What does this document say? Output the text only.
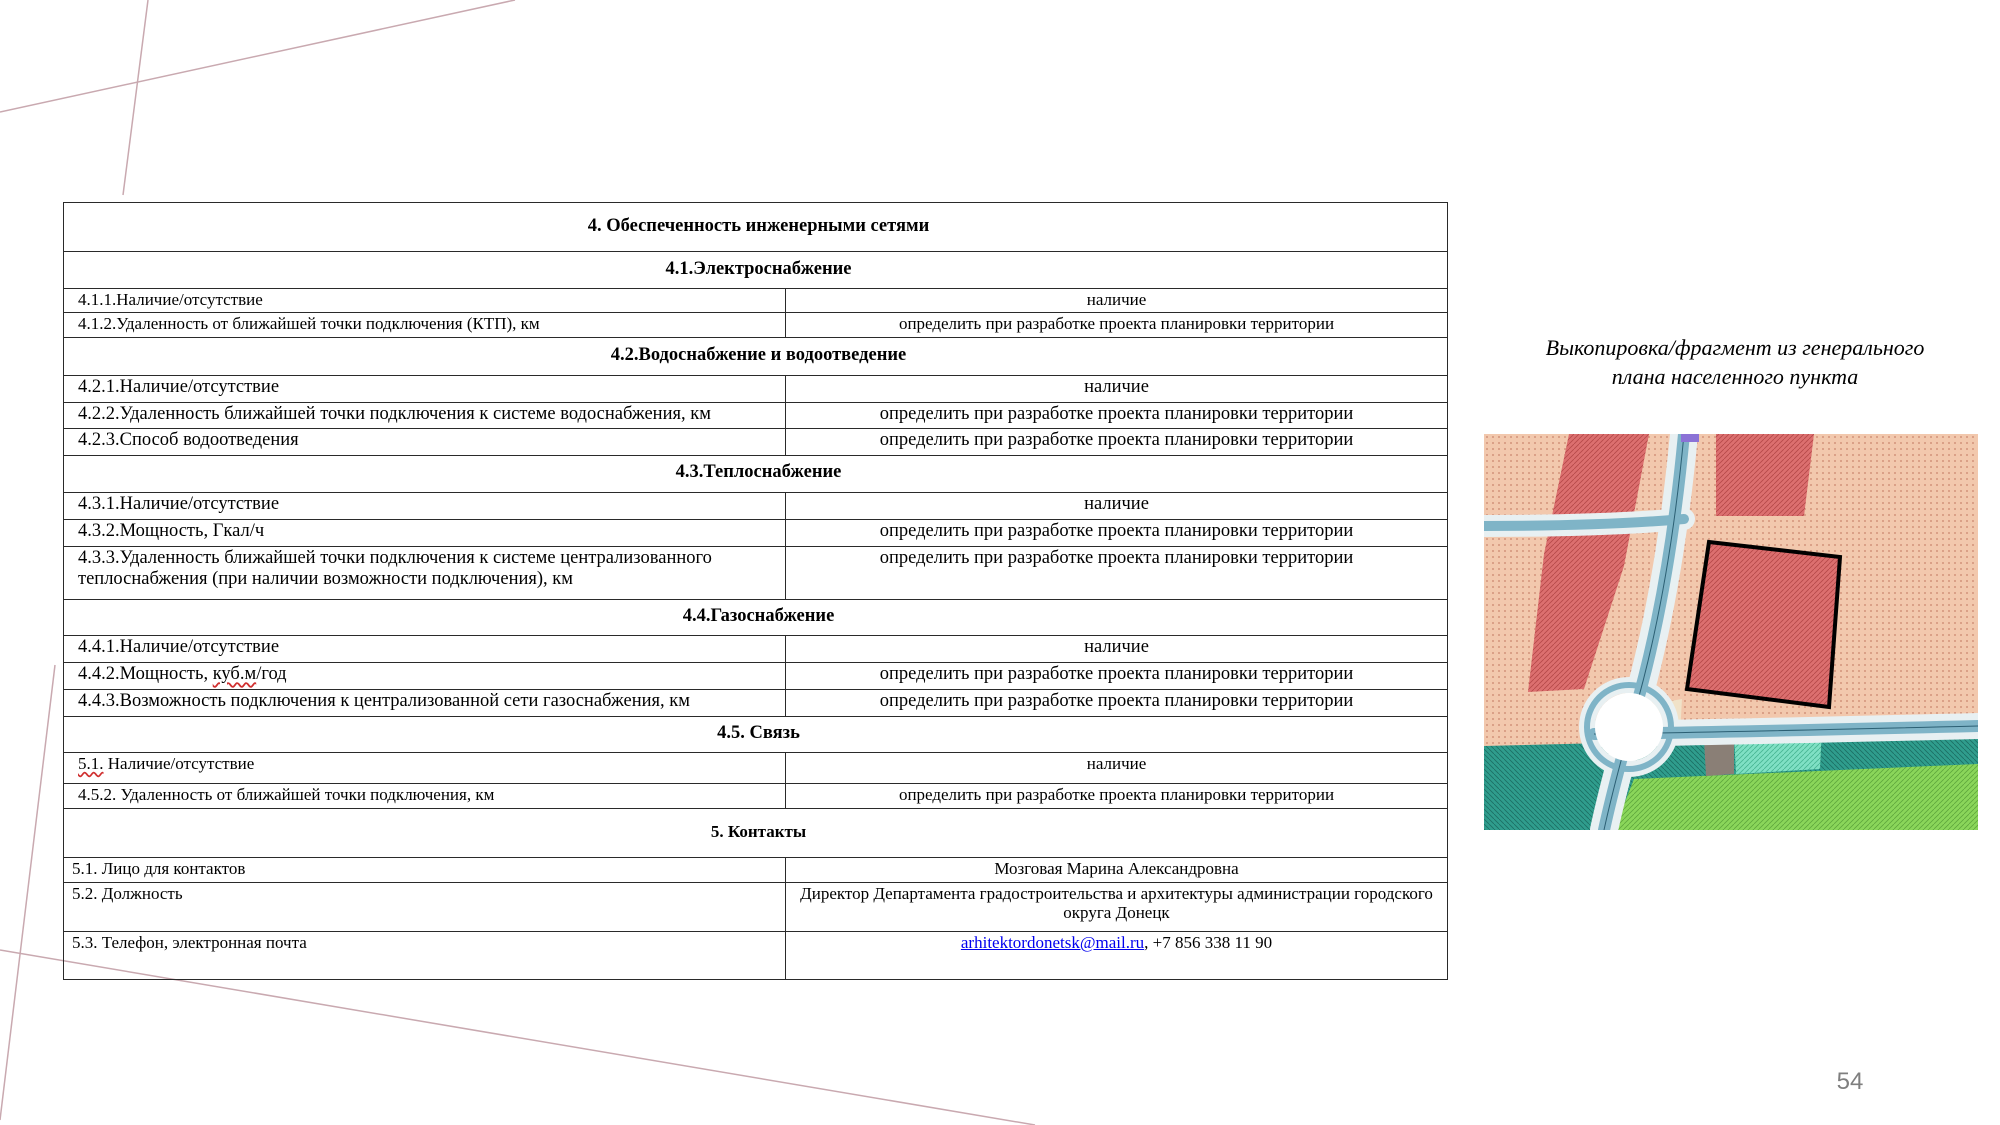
4. Обеспеченность инженерными сетями	
4.1.Электроснабжение	
4.1.1.Наличие/отсутствие	наличие
4.1.2.Удаленность от ближайшей точки подключения (КТП), км	определить при разработке проекта планировки территории
4.2.Водоснабжение и водоотведение	
4.2.1.Наличие/отсутствие	наличие
4.2.2.Удаленность ближайшей точки подключения к системе водоснабжения, км	определить при разработке проекта планировки территории
4.2.3.Способ водоотведения	определить при разработке проекта планировки территории
4.3.Теплоснабжение	
4.3.1.Наличие/отсутствие	наличие
4.3.2.Мощность, Гкал/ч	определить при разработке проекта планировки территории
4.3.3.Удаленность ближайшей точки подключения к системе централизованного теплоснабжения (при наличии возможности подключения), км	определить при разработке проекта планировки территории
4.4.Газоснабжение	
4.4.1.Наличие/отсутствие	наличие
4.4.2.Мощность, куб.м/год	определить при разработке проекта планировки территории
4.4.3.Возможность подключения к централизованной сети газоснабжения, км	определить при разработке проекта планировки территории
4.5. Связь	
5.1. Наличие/отсутствие	наличие
4.5.2. Удаленность от ближайшей точки подключения, км	определить при разработке проекта планировки территории
5. Контакты	
5.1. Лицо для контактов	Мозговая Марина Александровна
5.2. Должность	Директор Департамента градостроительства и архитектуры администрации городского округа Донецк
5.3. Телефон, электронная почта	arhitektordonetsk@mail.ru, +7 856 338 11 90
Выкопировка/фрагмент из генерального
плана населенного пункта
54
